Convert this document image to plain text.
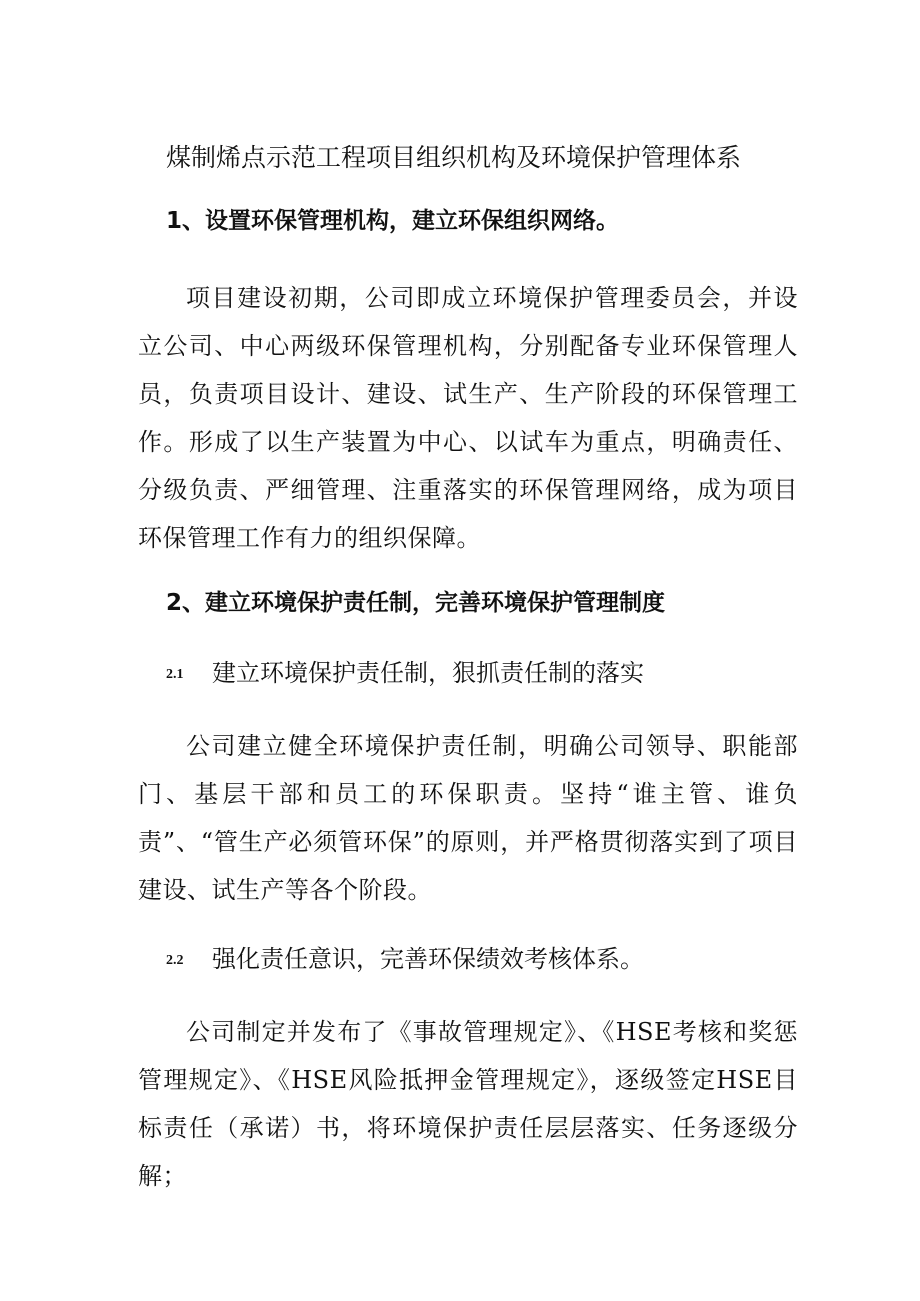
煤制烯点示范工程项目组织机构及环境保护管理体系
1、设置环保管理机构，建立环保组织网络。

项目建设初期，公司即成立环境保护管理委员会，并设立公司、中心两级环保管理机构，分别配备专业环保管理人员，负责项目设计、建设、试生产、生产阶段的环保管理工作。形成了以生产装置为中心、以试车为重点，明确责任、分级负责、严细管理、注重落实的环保管理网络，成为项目环保管理工作有力的组织保障。

2、建立环境保护责任制，完善环境保护管理制度
2.1 建立环境保护责任制，狠抓责任制的落实

公司建立健全环境保护责任制，明确公司领导、职能部门、基层干部和员工的环保职责。坚持“谁主管、谁负责”、“管生产必须管环保”的原则，并严格贯彻落实到了项目建设、试生产等各个阶段。

2.2 强化责任意识，完善环保绩效考核体系。

公司制定并发布了《事故管理规定》、《HSE考核和奖惩管理规定》、《HSE风险抵押金管理规定》，逐级签定HSE目标责任（承诺）书，将环境保护责任层层落实、任务逐级分解；
